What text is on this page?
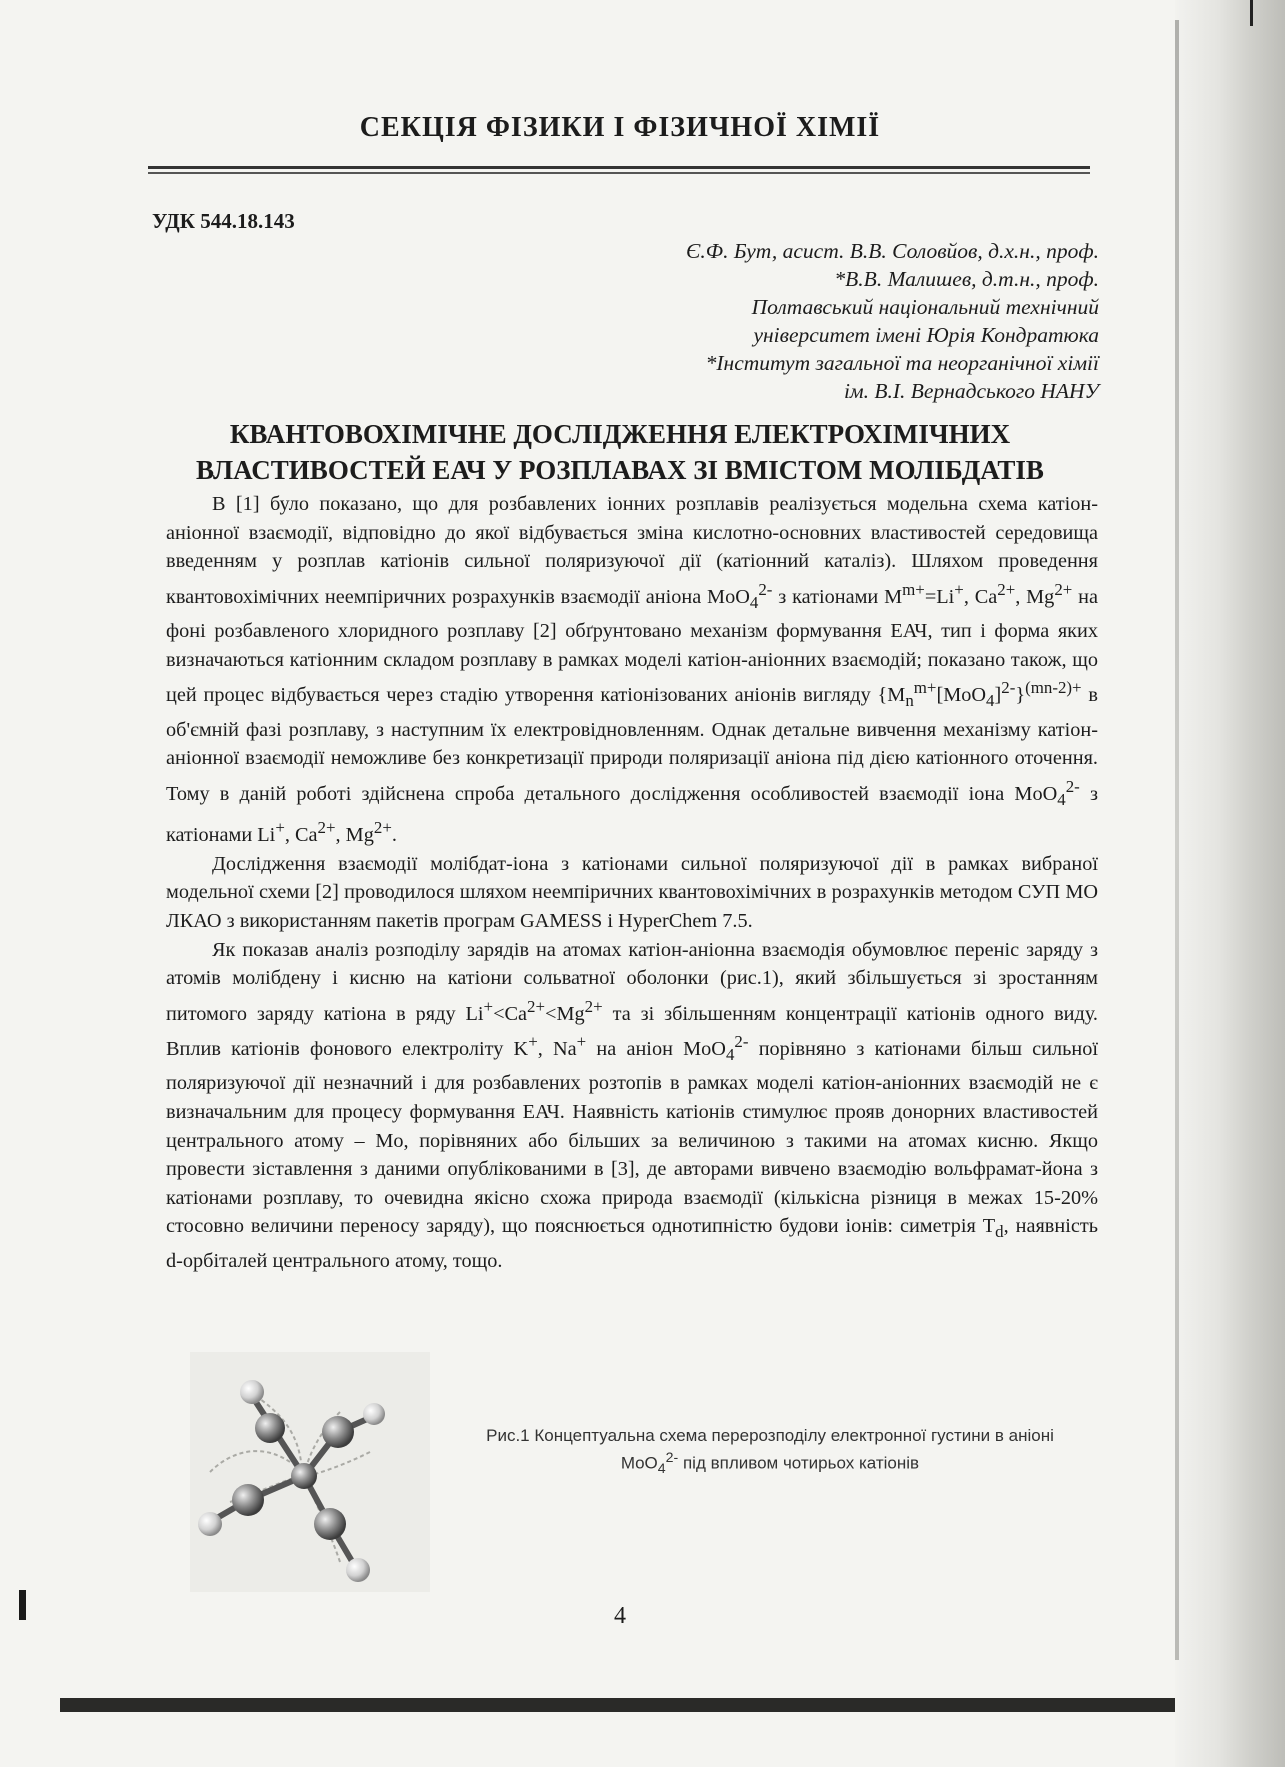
СЕКЦІЯ ФІЗИКИ І ФІЗИЧНОЇ ХІМІЇ
УДК 544.18.143
Є.Ф. Бут, асист. В.В. Соловйов, д.х.н., проф.
*В.В. Малишев, д.т.н., проф.
Полтавський національний технічний
університет імені Юрія Кондратюка
*Інститут загальної та неорганічної хімії
ім. В.І. Вернадського НАНУ
КВАНТОВОХІМІЧНЕ ДОСЛІДЖЕННЯ ЕЛЕКТРОХІМІЧНИХ
ВЛАСТИВОСТЕЙ ЕАЧ У РОЗПЛАВАХ ЗІ ВМІСТОМ МОЛІБДАТІВ

В [1] було показано, що для розбавлених іонних розплавів реалізується модельна схема катіон-аніонної взаємодії, відповідно до якої відбувається зміна кислотно-основних властивостей середовища введенням у розплав катіонів сильної поляризуючої дії (катіонний каталіз). Шляхом проведення квантовохімічних неемпіричних розрахунків взаємодії аніона MoO$_4^{2-}$ з катіонами $M^{m+}=Li^+$, $Ca^{2+}$, $Mg^{2+}$ на фоні розбавленого хлоридного розплаву [2] обґрунтовано механізм формування ЕАЧ, тип і форма яких визначаються катіонним складом розплаву в рамках моделі катіон-аніонних взаємодій; показано також, що цей процес відбувається через стадію утворення катіонізованих аніонів вигляду $\{M_n^{m+}[MoO_4]^{2-}\}^{(mn-2)+}$ в об'ємній фазі розплаву, з наступним їх електровідновленням. Однак детальне вивчення механізму катіон-аніонної взаємодії неможливе без конкретизації природи поляризації аніона під дією катіонного оточення. Тому в даній роботі здійснена спроба детального дослідження особливостей взаємодії іона MoO$_4^{2-}$ з катіонами Li+, $Ca^{2+}$, $Mg^{2+}$.

Дослідження взаємодії молібдат-іона з катіонами сильної поляризуючої дії в рамках вибраної модельної схеми [2] проводилося шляхом неемпіричних квантовохімічних в розрахунків методом СУП МО ЛКАО з використанням пакетів програм GAMESS і HyperChem 7.5.

Як показав аналіз розподілу зарядів на атомах катіон-аніонна взаємодія обумовлює переніс заряду з атомів молібдену і кисню на катіони сольватної оболонки (рис.1), який збільшується зі зростанням питомого заряду катіона в ряду $Li^+<Ca^{2+}<Mg^{2+}$ та зі збільшенням концентрації катіонів одного виду. Вплив катіонів фонового електроліту K+, Na+ на аніон MoO$_4^{2-}$ порівняно з катіонами більш сильної поляризуючої дії незначний і для розбавлених розтопів в рамках моделі катіон-аніонних взаємодій не є визначальним для процесу формування ЕАЧ. Наявність катіонів стимулює прояв донорних властивостей центрального атому – Mo, порівняних або більших за величиною з такими на атомах кисню. Якщо провести зіставлення з даними опублікованими в [3], де авторами вивчено взаємодію вольфрамат-йона з катіонами розплаву, то очевидна якісно схожа природа взаємодії (кількісна різниця в межах 15-20% стосовно величини переносу заряду), що пояснюється однотипністю будови іонів: симетрія $T_d$, наявність d-орбіталей центрального атому, тощо.

Рис.1 Концептуальна схема перерозподілу електронної густини в аніоні
MoO$_4^{2-}$ під впливом чотирьох катіонів
4
